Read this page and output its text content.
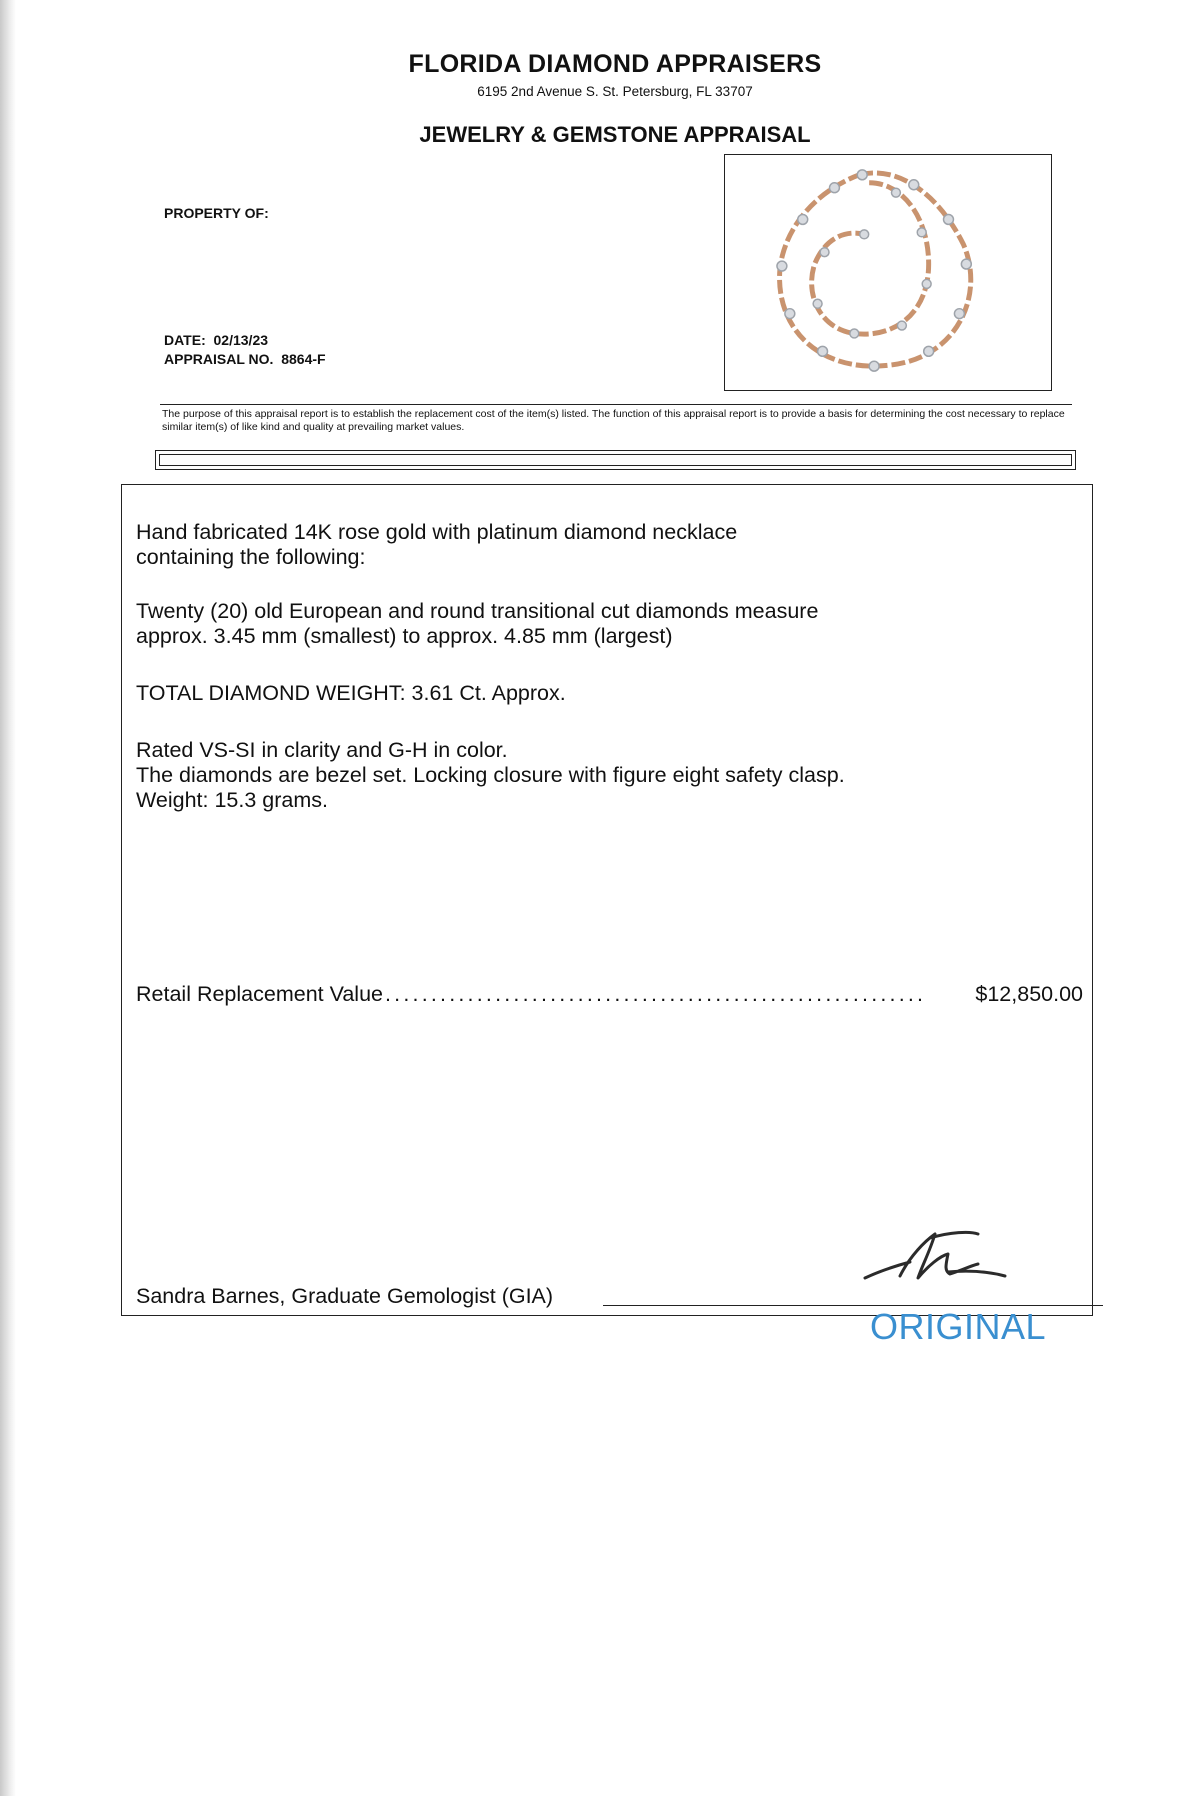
FLORIDA DIAMOND APPRAISERS
6195 2nd Avenue S. St. Petersburg, FL 33707
JEWELRY & GEMSTONE APPRAISAL
PROPERTY OF:
DATE: 02/13/23
APPRAISAL NO. 8864-F
The purpose of this appraisal report is to establish the replacement cost of the item(s) listed. The function of this appraisal report is to provide a basis for determining the cost necessary to replace similar item(s) of like kind and quality at prevailing market values.
Hand fabricated 14K rose gold with platinum diamond necklace
containing the following:
Twenty (20) old European and round transitional cut diamonds measure
approx. 3.45 mm (smallest) to approx. 4.85 mm (largest)
TOTAL DIAMOND WEIGHT: 3.61 Ct. Approx.
Rated VS-SI in clarity and G-H in color.
The diamonds are bezel set. Locking closure with figure eight safety clasp.
Weight: 15.3 grams.
Retail Replacement Value ...........................................................	$12,850.00
Sandra Barnes, Graduate Gemologist (GIA)
ORIGINAL
